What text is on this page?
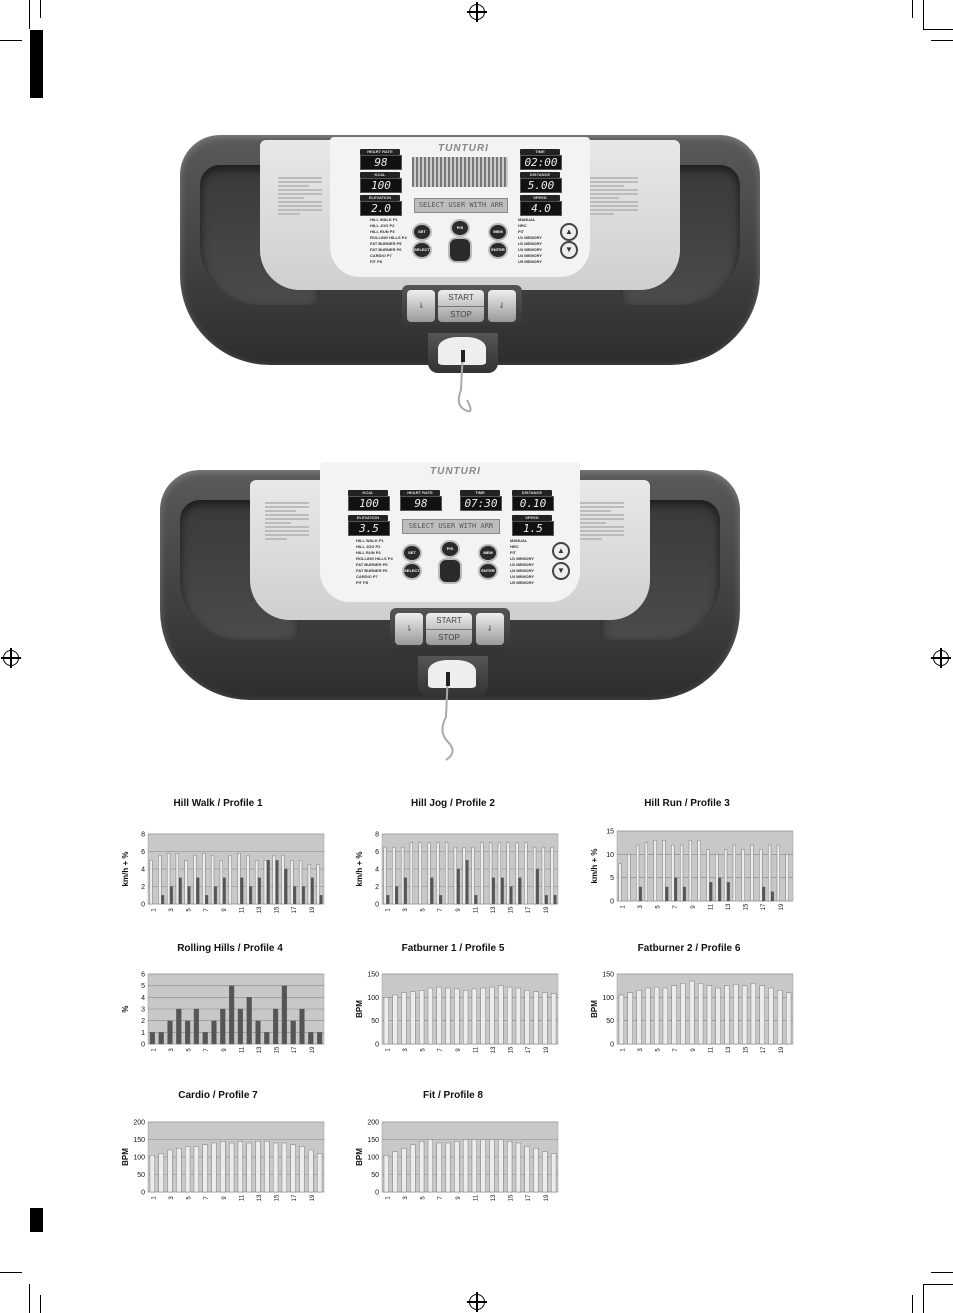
TUNTURI
HEART RATE
98
KCAL
100
ELEVATION
2.0	SELECT USER WITH ARR
TIME
02:00
DISTANCE
5.00
SPEED
4.0
HILL WALK P1
HILL JOG P2
HILL RUN P3
ROLLING HILLS P4
FAT BURNER P5
FAT BURNER P6
CARDIO P7
FIT P8
MANUAL
HRC
FIT
U1 MEMORY
U2 MEMORY
U3 MEMORY
U4 MEMORY
U5 MEMORY
SET
P/S
MEM
SELECT	ENTER
▲
▼
⇂
START
STOP
⇃
TUNTURI
KCAL
100
HEART RATE
98
TIME
07:30
DISTANCE
0.10
ELEVATION
3.5	SELECT USER WITH ARR
SPEED
1.5
HILL WALK P1
HILL JOG P2
HILL RUN P3
ROLLING HILLS P4
FAT BURNER P5
FAT BURNER P6
CARDIO P7
FIT P8
MANUAL
HRC
FIT
U1 MEMORY
U2 MEMORY
U3 MEMORY
U4 MEMORY
U5 MEMORY
SET
P/S
MEM
SELECT	ENTER
▲
▼
⇂
START
STOP
⇃
Hill Walk / Profile 1
0
2
4
6
8
km/h + %
1 3 5 7 9 11 13 15 17 19
Hill Jog / Profile 2
0
2
4
6
8
km/h + %
1 3 5 7 9 11 13 15 17 19
Hill Run / Profile 3
0
5
10
15
km/h + %
1 3 5 7 9 11 13 15 17 19
Rolling Hills / Profile 4
0
1
2
3
4
5
6
%
1 3 5 7 9 11 13 15 17 19
Fatburner 1 / Profile 5
0
50
100
150
BPM
1 3 5 7 9 11 13 15 17 19
Fatburner 2 / Profile 6
0
50
100
150
BPM
1 3 5 7 9 11 13 15 17 19
Cardio / Profile 7
0
50
100
150
200
BPM
1 3 5 7 9 11 13 15 17 19
Fit / Profile 8
0
50
100
150
200
BPM
1 3 5 7 9 11 13 15 17 19
